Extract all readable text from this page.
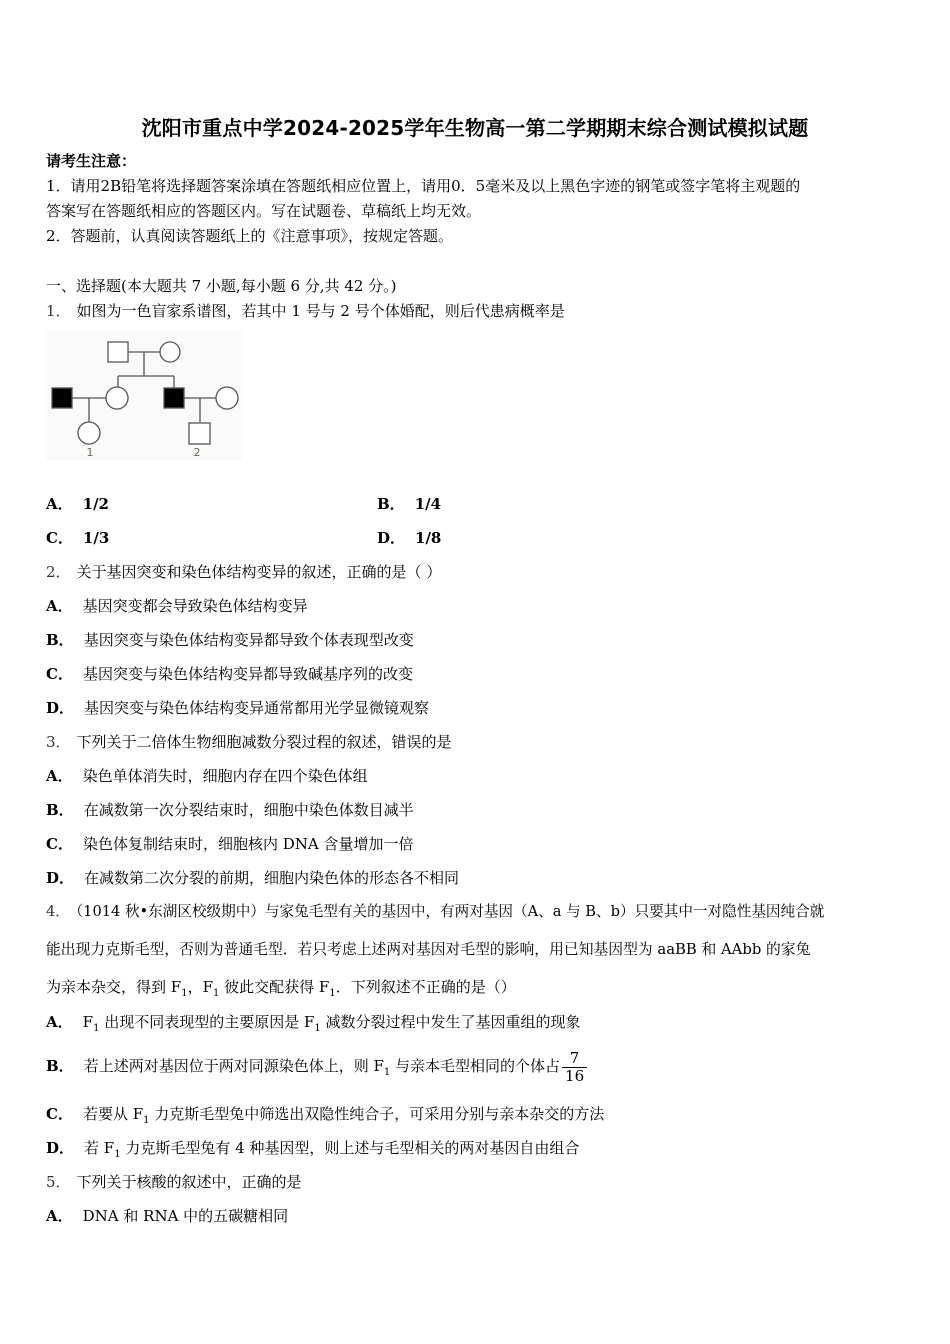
沈阳市重点中学2024-2025学年生物高一第二学期期末综合测试模拟试题
请考生注意：
1．请用2B铅笔将选择题答案涂填在答题纸相应位置上，请用0．5毫米及以上黑色字迹的钢笔或签字笔将主观题的
答案写在答题纸相应的答题区内。写在试题卷、草稿纸上均无效。
2．答题前，认真阅读答题纸上的《注意事项》，按规定答题。
一、选择题(本大题共 7 小题,每小题 6 分,共 42 分。)
1． 如图为一色盲家系谱图，若其中 1 号与 2 号个体婚配，则后代患病概率是
1	2
A． 1/2	B． 1/4
C． 1/3	D． 1/8
2． 关于基因突变和染色体结构变异的叙述，正确的是（ ）
A． 基因突变都会导致染色体结构变异
B． 基因突变与染色体结构变异都导致个体表现型改变
C． 基因突变与染色体结构变异都导致碱基序列的改变
D． 基因突变与染色体结构变异通常都用光学显微镜观察
3． 下列关于二倍体生物细胞减数分裂过程的叙述，错误的是
A． 染色单体消失时，细胞内存在四个染色体组
B． 在减数第一次分裂结束时，细胞中染色体数目减半
C． 染色体复制结束时，细胞核内 DNA 含量增加一倍
D． 在减数第二次分裂的前期，细胞内染色体的形态各不相同
4． （1014 秋•东湖区校级期中）与家兔毛型有关的基因中，有两对基因（A、a 与 B、b）只要其中一对隐性基因纯合就
能出现力克斯毛型，否则为普通毛型．若只考虑上述两对基因对毛型的影响，用已知基因型为 aaBB 和 AAbb 的家兔
为亲本杂交，得到 $F_1$，$F_1$ 彼此交配获得 $F_1$．下列叙述不正确的是（）
A． $F_1$ 出现不同表现型的主要原因是 $F_1$ 减数分裂过程中发生了基因重组的现象
B． 若上述两对基因位于两对同源染色体上，则 $F_1$ 与亲本毛型相同的个体占 $\frac{7}{16}$
C． 若要从 $F_1$ 力克斯毛型兔中筛选出双隐性纯合子，可采用分别与亲本杂交的方法
D． 若 $F_1$ 力克斯毛型兔有 4 种基因型，则上述与毛型相关的两对基因自由组合
5． 下列关于核酸的叙述中，正确的是
A． DNA 和 RNA 中的五碳糖相同
